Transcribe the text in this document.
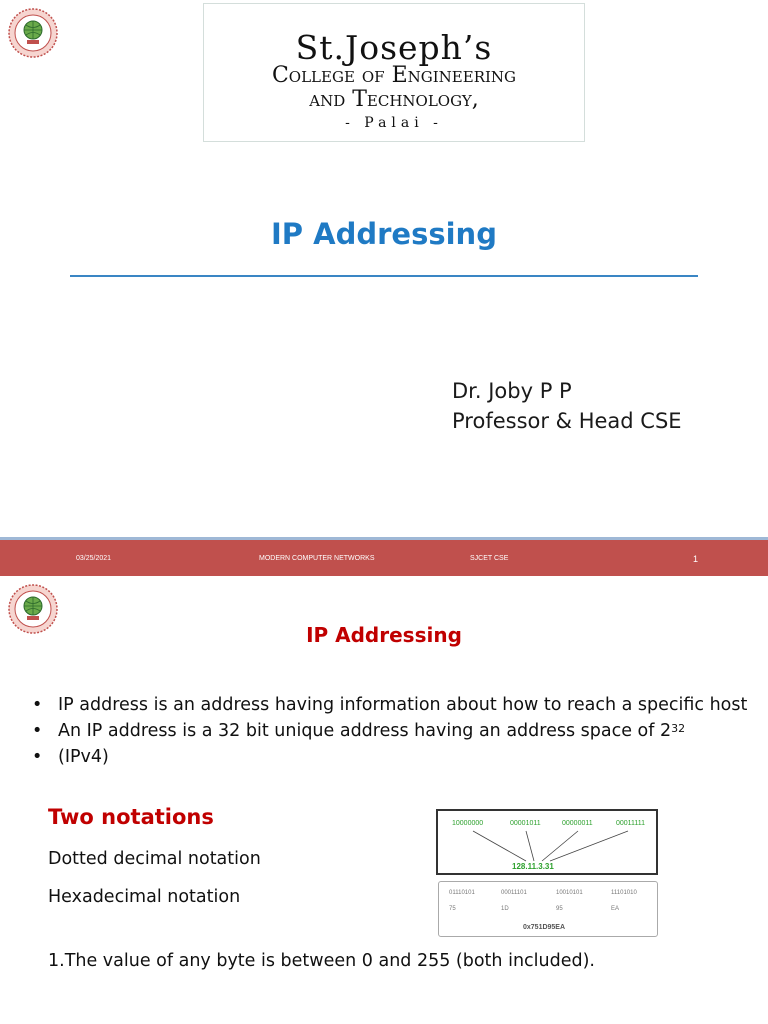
St.Joseph’s
College of Engineering
and Technology,
- Palai -
IP Addressing
Dr. Joby P P
Professor & Head CSE
03/25/2021	MODERN COMPUTER NETWORKS	SJCET CSE	1
IP Addressing
• IP address is an address having information about how to reach a specific host
• An IP address is a 32 bit unique address having an address space of $2^{32}$
• (IPv4)
Two notations
Dotted decimal notation
Hexadecimal notation
1.The value of any byte is between 0 and 255 (both included).
10000000	00001011	00000011	00011111
128.11.3.31
01110101	00011101	10010101	11101010
75	1D	95	EA
0x751D95EA
